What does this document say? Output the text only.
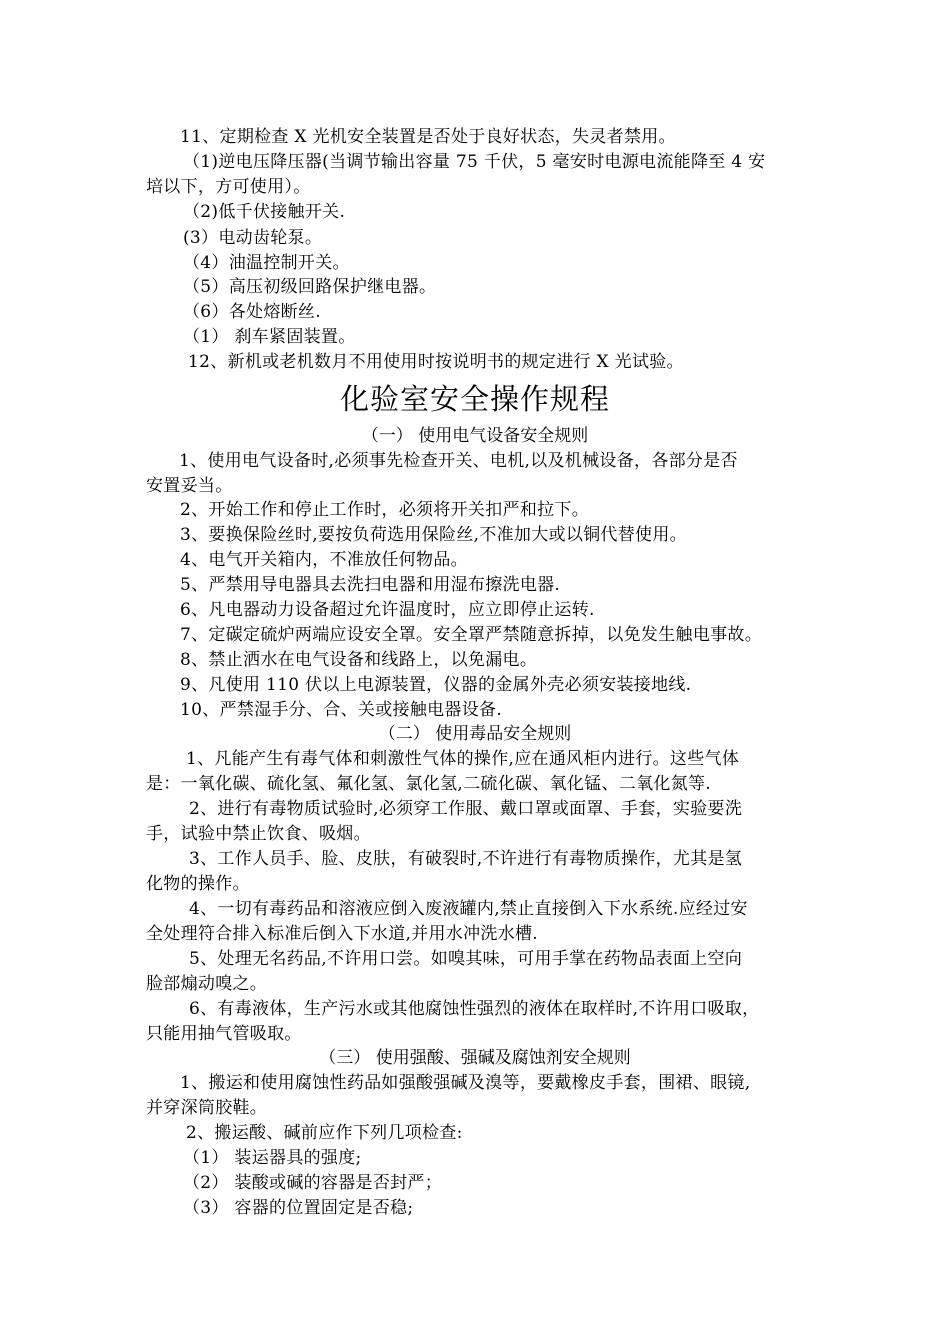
11、定期检查 X 光机安全装置是否处于良好状态，失灵者禁用。
（1)逆电压降压器(当调节输出容量 75 千伏，5 毫安时电源电流能降至 4 安
培以下，方可使用）。
（2)低千伏接触开关.
(3）电动齿轮泵。
（4）油温控制开关。
（5）高压初级回路保护继电器。
（6）各处熔断丝.
（1） 刹车紧固装置。
12、新机或老机数月不用使用时按说明书的规定进行 X 光试验。
化验室安全操作规程
（一） 使用电气设备安全规则
1、使用电气设备时,必须事先检查开关、电机,以及机械设备，各部分是否
安置妥当。
2、开始工作和停止工作时，必须将开关扣严和拉下。
3、要换保险丝时,要按负荷选用保险丝,不准加大或以铜代替使用。
4、电气开关箱内，不准放任何物品。
5、严禁用导电器具去洗扫电器和用湿布擦洗电器.
6、凡电器动力设备超过允许温度时，应立即停止运转.
7、定碳定硫炉两端应设安全罩。安全罩严禁随意拆掉，以免发生触电事故。
8、禁止洒水在电气设备和线路上，以免漏电。
9、凡使用 110 伏以上电源装置，仪器的金属外壳必须安装接地线.
10、严禁湿手分、合、关或接触电器设备.
（二） 使用毒品安全规则
1、凡能产生有毒气体和刺激性气体的操作,应在通风柜内进行。这些气体
是：一氧化碳、硫化氢、氟化氢、氯化氢,二硫化碳、氧化锰、二氧化氮等.
2、进行有毒物质试验时,必须穿工作服、戴口罩或面罩、手套，实验要洗
手，试验中禁止饮食、吸烟。
3、工作人员手、脸、皮肤，有破裂时,不许进行有毒物质操作，尤其是氢
化物的操作。
4、一切有毒药品和溶液应倒入废液罐内,禁止直接倒入下水系统.应经过安
全处理符合排入标准后倒入下水道,并用水冲洗水槽.
5、处理无名药品,不许用口尝。如嗅其味，可用手掌在药物品表面上空向
脸部煽动嗅之。
6、有毒液体，生产污水或其他腐蚀性强烈的液体在取样时,不许用口吸取，
只能用抽气管吸取。
（三） 使用强酸、强碱及腐蚀剂安全规则
1、搬运和使用腐蚀性药品如强酸强碱及溴等，要戴橡皮手套，围裙、眼镜,
并穿深筒胶鞋。
2、搬运酸、碱前应作下列几项检查:
（1） 装运器具的强度;
（2） 装酸或碱的容器是否封严；
（3） 容器的位置固定是否稳;
